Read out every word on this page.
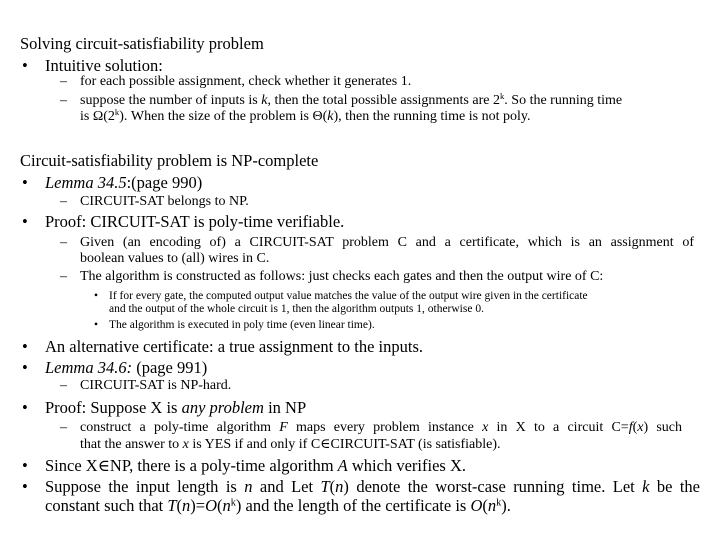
Solving circuit-satisfiability problem
• Intuitive solution:
– for each possible assignment, check whether it generates 1.
– suppose the number of inputs is k, then the total possible assignments are 2$^k$. So the running time
is Ω(2$^k$). When the size of the problem is Θ(k), then the running time is not poly.
Circuit-satisfiability problem is NP-complete
• Lemma 34.5:(page 990)
– CIRCUIT-SAT belongs to NP.
• Proof: CIRCUIT-SAT is poly-time verifiable.
– Given (an encoding of) a CIRCUIT-SAT problem C and a certificate, which is an assignment of
boolean values to (all) wires in C.
– The algorithm is constructed as follows: just checks each gates and then the output wire of C:
• If for every gate, the computed output value matches the value of the output wire given in the certificate
and the output of the whole circuit is 1, then the algorithm outputs 1, otherwise 0.
• The algorithm is executed in poly time (even linear time).
• An alternative certificate: a true assignment to the inputs.
• Lemma 34.6: (page 991)
– CIRCUIT-SAT is NP-hard.
• Proof: Suppose X is any problem in NP
– construct a poly-time algorithm F maps every problem instance x in X to a circuit C=f(x) such
that the answer to x is YES if and only if C∈CIRCUIT-SAT (is satisfiable).
• Since X∈NP, there is a poly-time algorithm A which verifies X.
• Suppose the input length is n and Let T(n) denote the worst-case running time. Let k be the
constant such that $T(n)=O(n^k)$ and the length of the certificate is $O(n^k)$.
